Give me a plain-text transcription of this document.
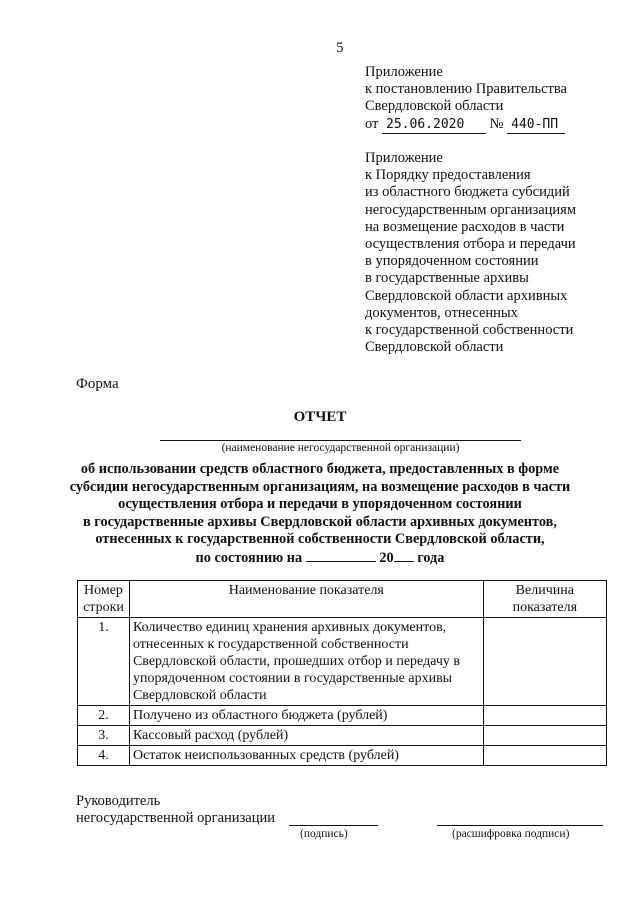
5
Приложение
к постановлению Правительства
Свердловской области
от 25.06.2020 № 440-ПП
Приложение
к Порядку предоставления
из областного бюджета субсидий
негосударственным организациям
на возмещение расходов в части
осуществления отбора и передачи
в упорядоченном состоянии
в государственные архивы
Свердловской области архивных
документов, отнесенных
к государственной собственности
Свердловской области
Форма
ОТЧЕТ
(наименование негосударственной организации)
об использовании средств областного бюджета, предоставленных в форме
субсидии негосударственным организациям, на возмещение расходов в части
осуществления отбора и передачи в упорядоченном состоянии
в государственные архивы Свердловской области архивных документов,
отнесенных к государственной собственности Свердловской области,
по состоянию на	20 года
Номер строки	Наименование показателя	Величина показателя
1.	Количество единиц хранения архивных документов, отнесенных к государственной собственности Свердловской области, прошедших отбор и передачу в упорядоченном состоянии в государственные архивы Свердловской области	
2.	Получено из областного бюджета (рублей)	
3.	Кассовый расход (рублей)	
4.	Остаток неиспользованных средств (рублей)	
Руководитель
негосударственной организации
(подпись)	(расшифровка подписи)
